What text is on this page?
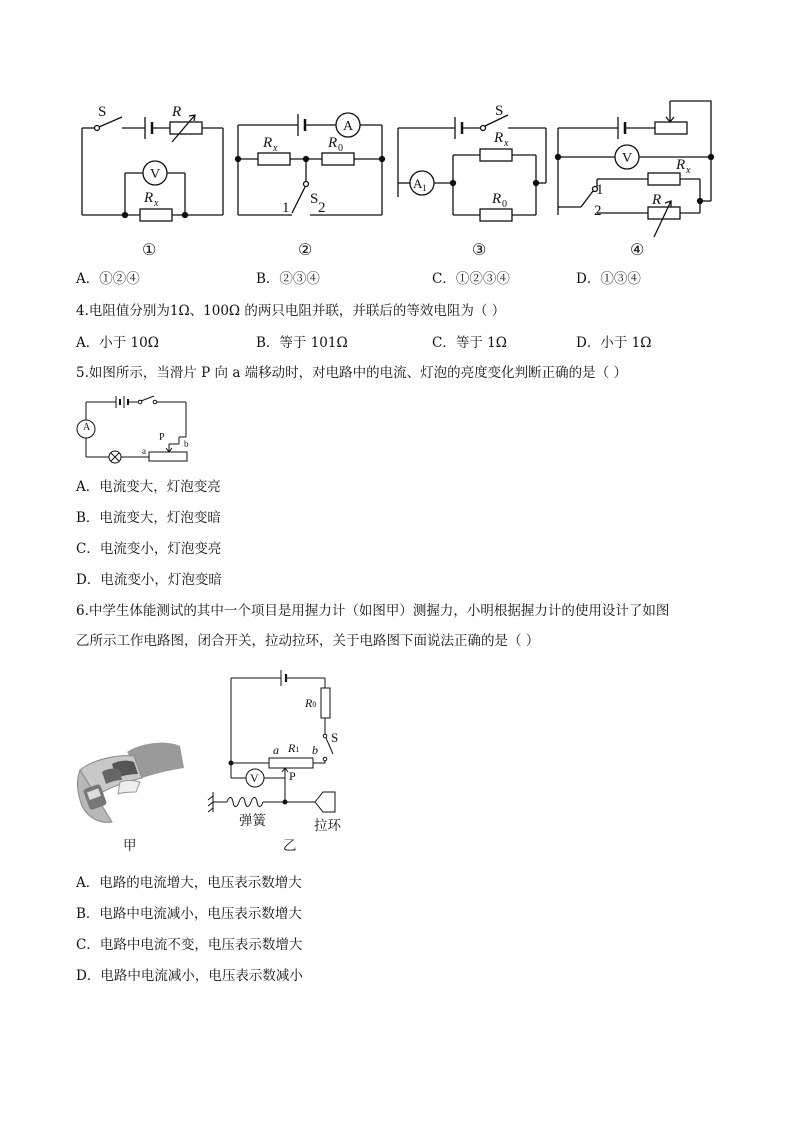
S	R
V
R x
A
R x	R 0
S
1 2
S
R x
A 1
R 0
V	R x
R
1
2
①	②	③	④
A．①②④	B．②③④	C．①②③④	D．①③④
4.电阻值分别为1Ω、100Ω 的两只电阻并联，并联后的等效电阻为（ ）
A．小于 10Ω	B．等于 101Ω	C．等于 1Ω	D．小于 1Ω
5.如图所示，当滑片 P 向 a 端移动时，对电路中的电流、灯泡的亮度变化判断正确的是（ ）
A
P
a
b
A．电流变大，灯泡变亮
B．电流变大，灯泡变暗
C．电流变小，灯泡变亮
D．电流变小，灯泡变暗
6.中学生体能测试的其中一个项目是用握力计（如图甲）测握力，小明根据握力计的使用设计了如图
乙所示工作电路图，闭合开关，拉动拉环，关于电路图下面说法正确的是（ ）
甲
R0
a R1 b
S
V	P
弹簧	拉环
乙
A．电路的电流增大，电压表示数增大
B．电路中电流减小，电压表示数增大
C．电路中电流不变，电压表示数增大
D．电路中电流减小，电压表示数减小
